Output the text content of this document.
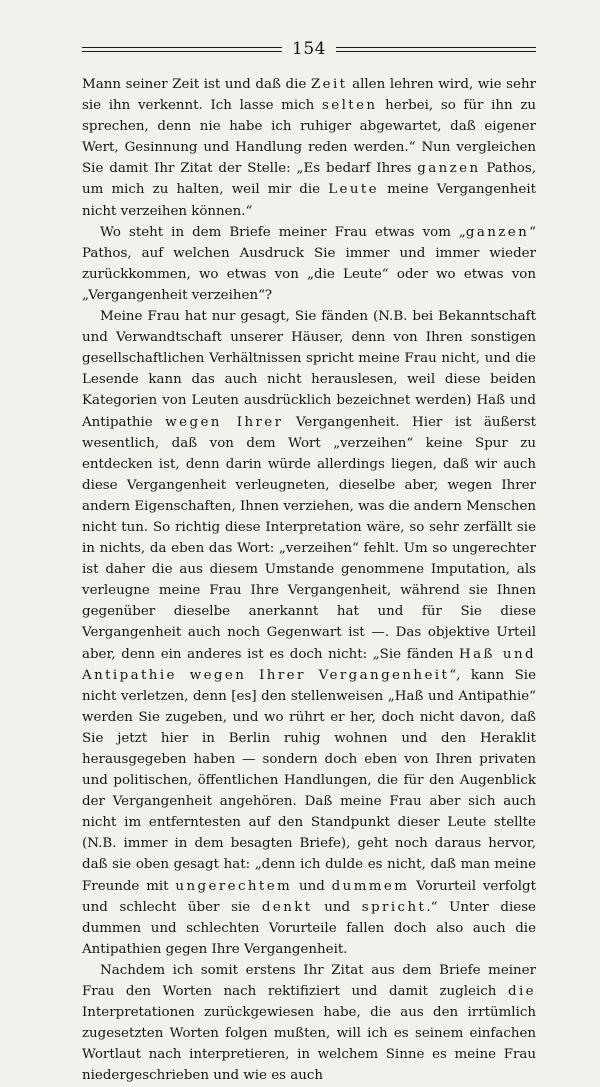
154

Mann seiner Zeit ist und daß die Zeit allen lehren wird, wie sehr sie ihn verkennt. Ich lasse mich selten herbei, so für ihn zu sprechen, denn nie habe ich ruhiger abgewartet, daß eigener Wert, Gesinnung und Handlung reden werden.“ Nun vergleichen Sie damit Ihr Zitat der Stelle: „Es bedarf Ihres ganzen Pathos, um mich zu halten, weil mir die Leute meine Vergangenheit nicht verzeihen können.“

Wo steht in dem Briefe meiner Frau etwas vom „ganzen“ Pathos, auf welchen Ausdruck Sie immer und immer wieder zurückkommen, wo etwas von „die Leute“ oder wo etwas von „Vergangenheit verzeihen“?

Meine Frau hat nur gesagt, Sie fänden (N.B. bei Bekanntschaft und Verwandtschaft unserer Häuser, denn von Ihren sonstigen gesellschaftlichen Verhältnissen spricht meine Frau nicht, und die Lesende kann das auch nicht herauslesen, weil diese beiden Kategorien von Leuten ausdrücklich bezeichnet werden) Haß und Antipathie wegen Ihrer Vergangenheit. Hier ist äußerst wesentlich, daß von dem Wort „verzeihen“ keine Spur zu entdecken ist, denn darin würde allerdings liegen, daß wir auch diese Vergangenheit verleugneten, dieselbe aber, wegen Ihrer andern Eigenschaften, Ihnen verziehen, was die andern Menschen nicht tun. So richtig diese Interpretation wäre, so sehr zerfällt sie in nichts, da eben das Wort: „verzeihen“ fehlt. Um so ungerechter ist daher die aus diesem Umstande genommene Imputation, als verleugne meine Frau Ihre Vergangenheit, während sie Ihnen gegenüber dieselbe anerkannt hat und für Sie diese Vergangenheit auch noch Gegenwart ist —. Das objektive Urteil aber, denn ein anderes ist es doch nicht: „Sie fänden Haß und Antipathie wegen Ihrer Vergangenheit“, kann Sie nicht verletzen, denn [es] den stellenweisen „Haß und Antipathie“ werden Sie zugeben, und wo rührt er her, doch nicht davon, daß Sie jetzt hier in Berlin ruhig wohnen und den Heraklit herausgegeben haben — sondern doch eben von Ihren privaten und politischen, öffentlichen Handlungen, die für den Augenblick der Vergangenheit angehören. Daß meine Frau aber sich auch nicht im entferntesten auf den Standpunkt dieser Leute stellte (N.B. immer in dem besagten Briefe), geht noch daraus hervor, daß sie oben gesagt hat: „denn ich dulde es nicht, daß man meine Freunde mit ungerechtem und dummem Vorurteil verfolgt und schlecht über sie denkt und spricht.“ Unter diese dummen und schlechten Vorurteile fallen doch also auch die Antipathien gegen Ihre Vergangenheit.

Nachdem ich somit erstens Ihr Zitat aus dem Briefe meiner Frau den Worten nach rektifiziert und damit zugleich die Interpretationen zurückgewiesen habe, die aus den irrtümlich zugesetzten Worten folgen mußten, will ich es seinem einfachen Wortlaut nach interpretieren, in welchem Sinne es meine Frau niedergeschrieben und wie es auch
